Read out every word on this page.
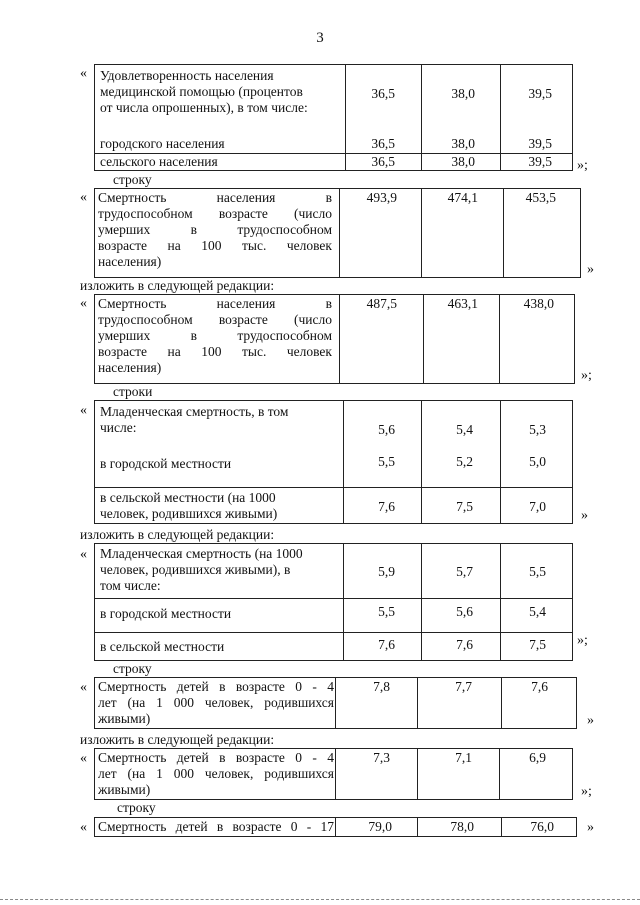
3
« Удовлетворенность населения
медицинской помощью (процентов
от числа опрошенных), в том числе:
36,5	38,0	39,5
городского населения	36,5	38,0	39,5
сельского населения	36,5	38,0	39,5 »;
строку
« Смертность населения в
трудоспособном возрасте (число
умерших в трудоспособном
возрасте на 100 тыс. человек
населения)
493,9	474,1	453,5
»
изложить в следующей редакции:
« Смертность населения в
трудоспособном возрасте (число
умерших в трудоспособном
возрасте на 100 тыс. человек
населения)
487,5	463,1	438,0
»;
строки
« Младенческая смертность, в том
числе:	5,6	5,4	5,3
в городской местности	5,5	5,2	5,0
в сельской местности (на 1000
человек, родившихся живыми)	7,6	7,5	7,0
»
изложить в следующей редакции:
« Младенческая смертность (на 1000
человек, родившихся живыми), в
том числе:
5,9	5,7	5,5
в городской местности	5,5	5,6	5,4
в сельской местности	7,6	7,6	7,5 »;
строку
« Смертность детей в возрасте 0 - 4
лет (на 1 000 человек, родившихся
живыми)
7,8	7,7	7,6
»
изложить в следующей редакции:
« Смертность детей в возрасте 0 - 4
лет (на 1 000 человек, родившихся
живыми)
7,3	7,1	6,9
»;
строку
« Смертность детей в возрасте 0 - 17	79,0	78,0	76,0 »
